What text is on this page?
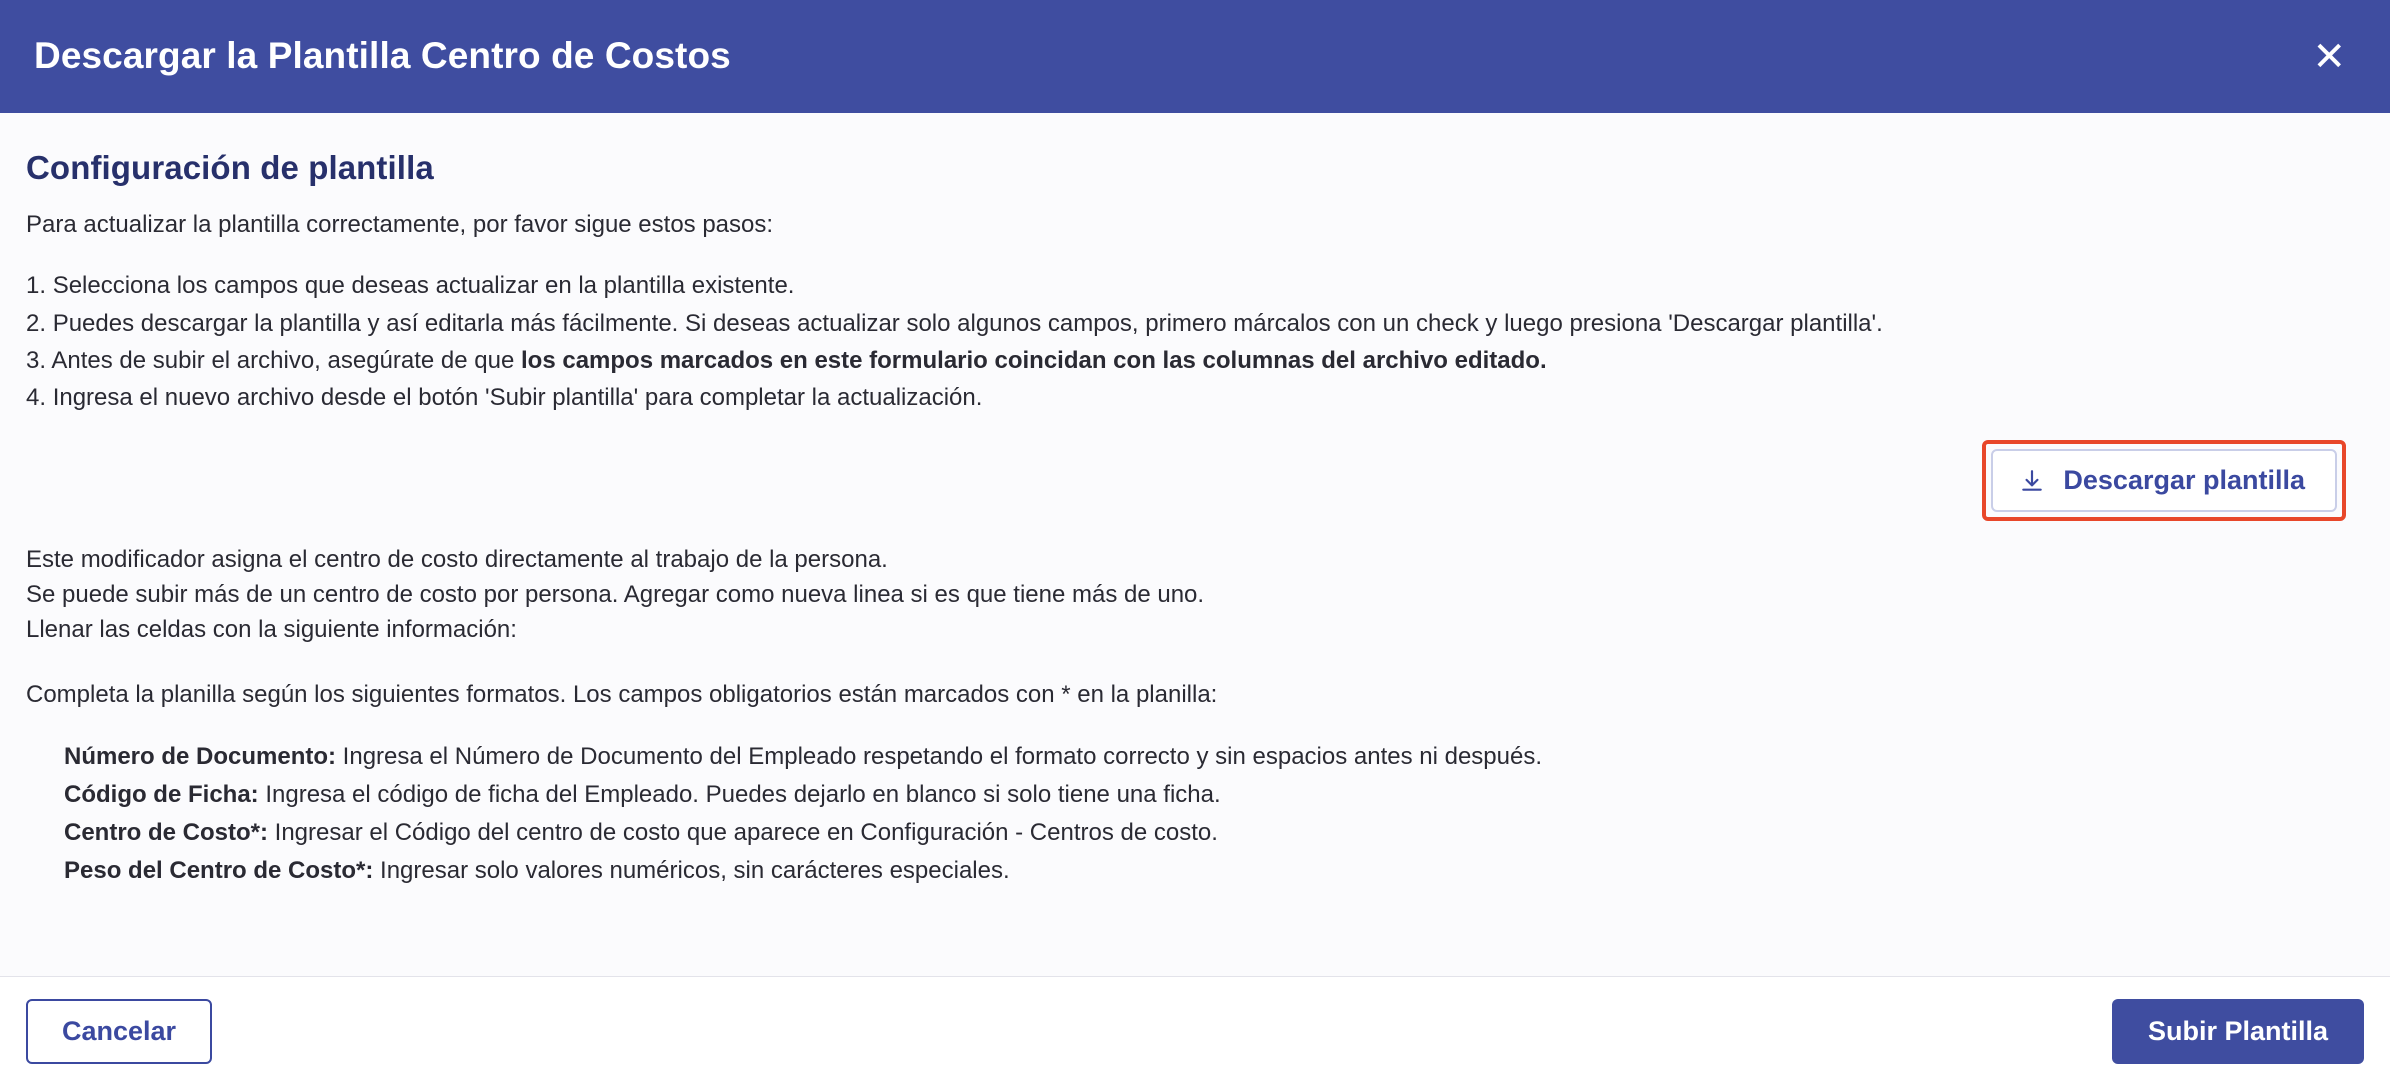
Descargar la Plantilla Centro de Costos	✕
Configuración de plantilla

Para actualizar la plantilla correctamente, por favor sigue estos pasos:

1. Selecciona los campos que deseas actualizar en la plantilla existente.
2. Puedes descargar la plantilla y así editarla más fácilmente. Si deseas actualizar solo algunos campos, primero márcalos con un check y luego presiona 'Descargar plantilla'.
3. Antes de subir el archivo, asegúrate de que los campos marcados en este formulario coincidan con las columnas del archivo editado.
4. Ingresa el nuevo archivo desde el botón 'Subir plantilla' para completar la actualización.
Descargar plantilla

Este modificador asigna el centro de costo directamente al trabajo de la persona.

Se puede subir más de un centro de costo por persona. Agregar como nueva linea si es que tiene más de uno.

Llenar las celdas con la siguiente información:

Completa la planilla según los siguientes formatos. Los campos obligatorios están marcados con * en la planilla:

Número de Documento: Ingresa el Número de Documento del Empleado respetando el formato correcto y sin espacios antes ni después.
Código de Ficha: Ingresa el código de ficha del Empleado. Puedes dejarlo en blanco si solo tiene una ficha.
Centro de Costo*: Ingresar el Código del centro de costo que aparece en Configuración - Centros de costo.
Peso del Centro de Costo*: Ingresar solo valores numéricos, sin carácteres especiales.
Cancelar	Subir Plantilla
